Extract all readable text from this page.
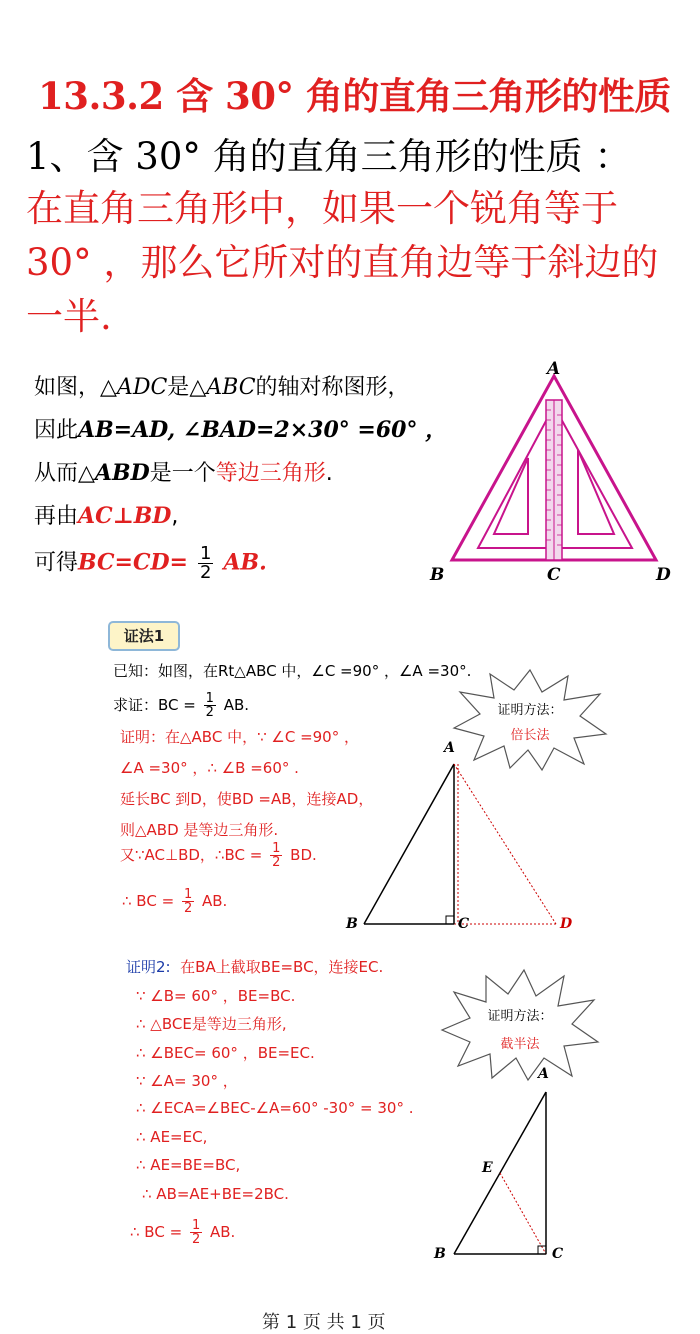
13.3.2 含 30° 角的直角三角形的性质
1、含 30° 角的直角三角形的性质 ：
在直角三角形中，如果一个锐角等于
30° ，那么它所对的直角边等于斜边的
一半.
如图，△ADC是△ABC的轴对称图形，
因此AB=AD, ∠BAD=2×30° =60° ，
从而△ABD是一个等边三角形.
再由AC⊥BD,
可得$BC=CD= \frac{1}{2}$ AB.
A
B	C	D
证法1
已知：如图，在Rt△ABC 中，∠C =90° ，∠A =30°.
求证：BC = $\frac{1}{2}$ AB.
证明：在△ABC 中，∵ ∠C =90° ，
∠A =30° ，∴ ∠B =60° .
延长BC 到D，使BD =AB，连接AD，
则△ABD 是等边三角形.
又∵AC⊥BD，∴BC = $\frac{1}{2}$ BD.
∴ BC = $\frac{1}{2}$ AB.
证明方法：
倍长法
A
B	C	D
证明2: 在BA上截取BE=BC，连接EC.
∵ ∠B= 60° ，BE=BC.
∴ △BCE是等边三角形,
∴ ∠BEC= 60° ，BE=EC.
∵ ∠A= 30° ，
∴ ∠ECA=∠BEC-∠A=60° -30° = 30° .
∴ AE=EC,
∴ AE=BE=BC,
∴ AB=AE+BE=2BC.
∴ BC = $\frac{1}{2}$ AB.
证明方法：
截半法
A
B	C
E
第 1 页 共 1 页
